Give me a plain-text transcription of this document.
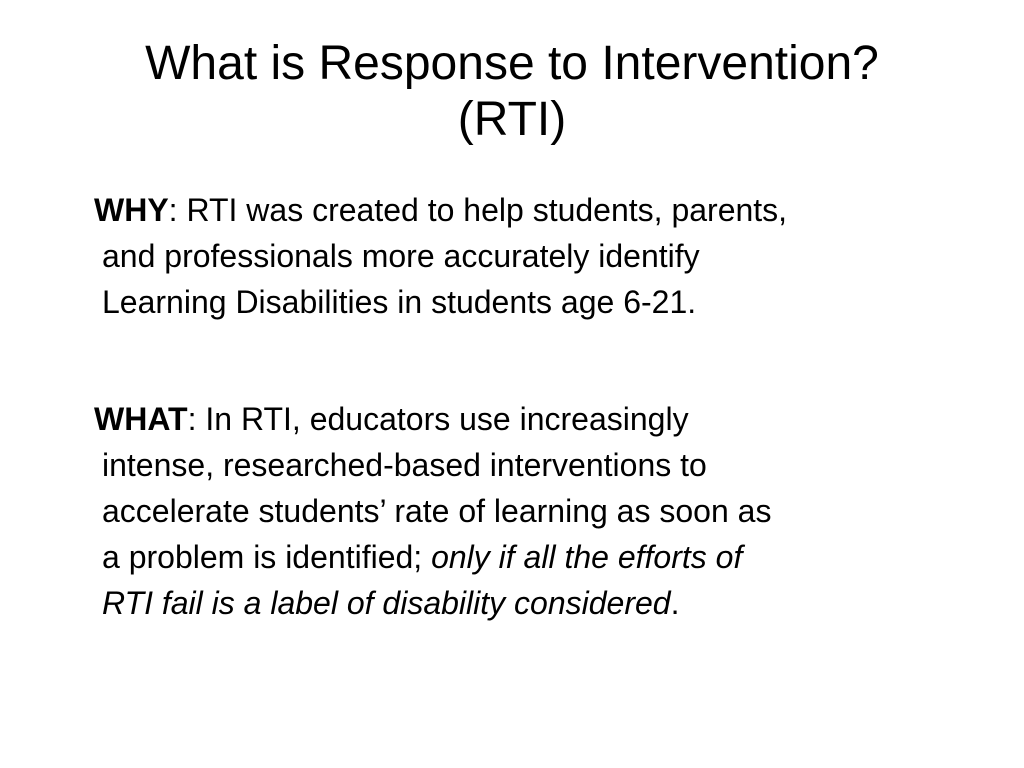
What is Response to Intervention?
(RTI)

WHY: RTI was created to help students, parents,
and professionals more accurately identify
Learning Disabilities in students age 6-21.

WHAT: In RTI, educators use increasingly
intense, researched-based interventions to
accelerate students’ rate of learning as soon as
a problem is identified; only if all the efforts of
RTI fail is a label of disability considered.
